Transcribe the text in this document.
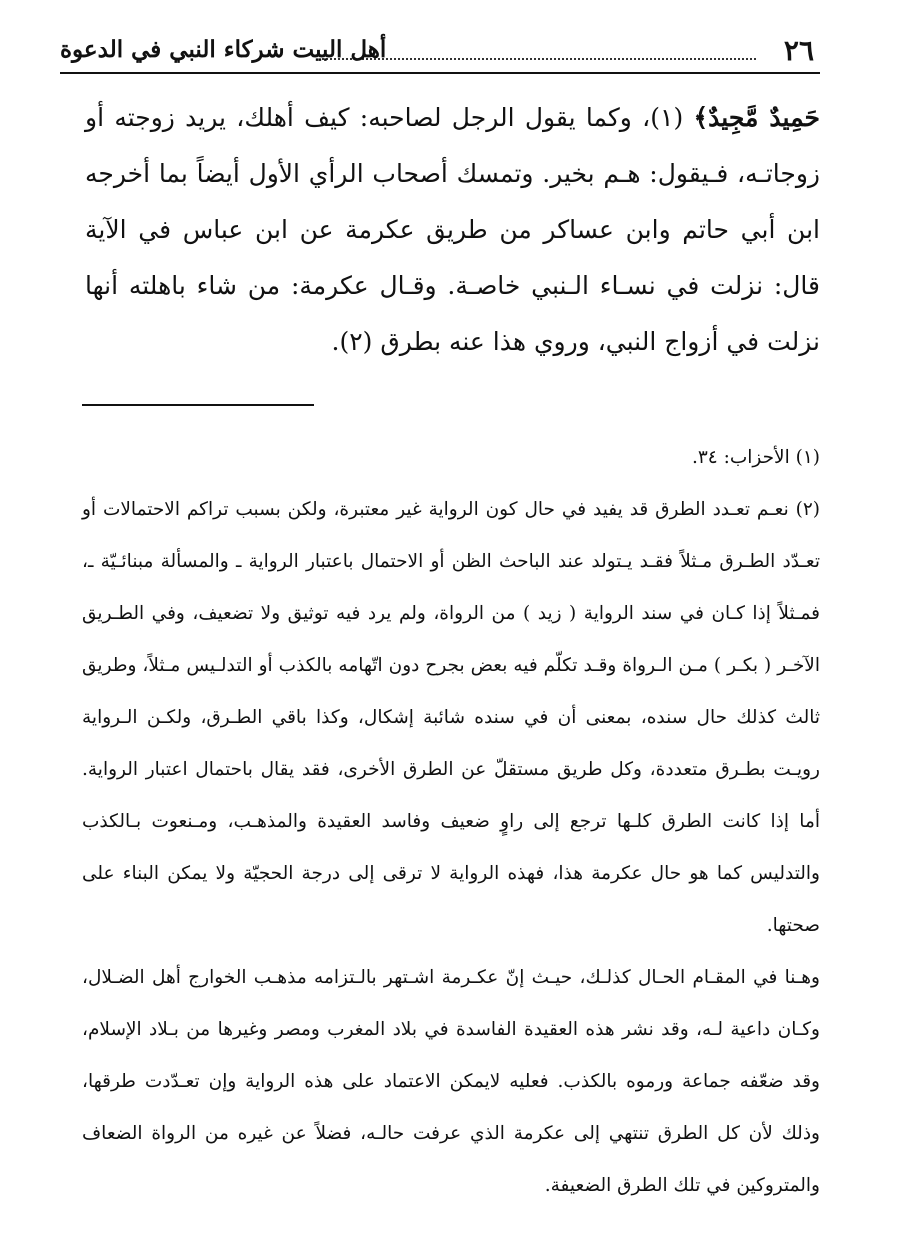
٢٦
أهل البيت شركاء النبي في الدعوة

حَمِيدٌ مَّجِيدٌ﴾ (١)، وكما يقول الرجل لصاحبه: كيف أهلك، يريد زوجته أو زوجاتـه، فـيقول: هـم بخير. وتمسك أصحاب الرأي الأول أيضاً بما أخرجه ابن أبي حاتم وابن عساكر من طريق عكرمة عن ابن عباس في الآية قال: نزلت في نسـاء الـنبي خاصـة. وقـال عكرمة: من شاء باهلته أنها نزلت في أزواج النبي، وروي هذا عنه بطرق (٢).

(١) الأحزاب: ٣٤.

(٢) نعـم تعـدد الطرق قد يفيد في حال كون الرواية غير معتبرة، ولكن بسبب تراكم الاحتمالات أو تعـدّد الطـرق مـثلاً فقـد يـتولد عند الباحث الظن أو الاحتمال باعتبار الرواية ـ والمسألة مبنائـيّة ـ، فمـثلاً إذا كـان في سند الرواية ( زيد ) من الرواة، ولم يرد فيه توثيق ولا تضعيف، وفي الطـريق الآخـر ( بكـر ) مـن الـرواة وقـد تكلّم فيه بعض بجرح دون اتّهامه بالكذب أو التدلـيس مـثلاً، وطريق ثالث كذلك حال سنده، بمعنى أن في سنده شائبة إشكال، وكذا باقي الطـرق، ولكـن الـرواية رويـت بطـرق متعددة، وكل طريق مستقلّ عن الطرق الأخرى، فقد يقال باحتمال اعتبار الرواية. أما إذا كانت الطرق كلـها ترجع إلى راوٍ ضعيف وفاسد العقيدة والمذهـب، ومـنعوت بـالكذب والتدليس كما هو حال عكرمة هذا، فهذه الرواية لا ترقى إلى درجة الحجيّة ولا يمكن البناء على صحتها.

وهـنا في المقـام الحـال كذلـك، حيـث إنّ عكـرمة اشـتهر بالـتزامه مذهـب الخوارج أهل الضـلال، وكـان داعية لـه، وقد نشر هذه العقيدة الفاسدة في بلاد المغرب ومصر وغيرها من بـلاد الإسلام، وقد ضعّفه جماعة ورموه بالكذب. فعليه لايمكن الاعتماد على هذه الرواية وإن تعـدّدت طرقها، وذلك لأن كل الطرق تنتهي إلى عكرمة الذي عرفت حالـه، فضلاً عن غيره من الرواة الضعاف والمتروكين في تلك الطرق الضعيفة.
